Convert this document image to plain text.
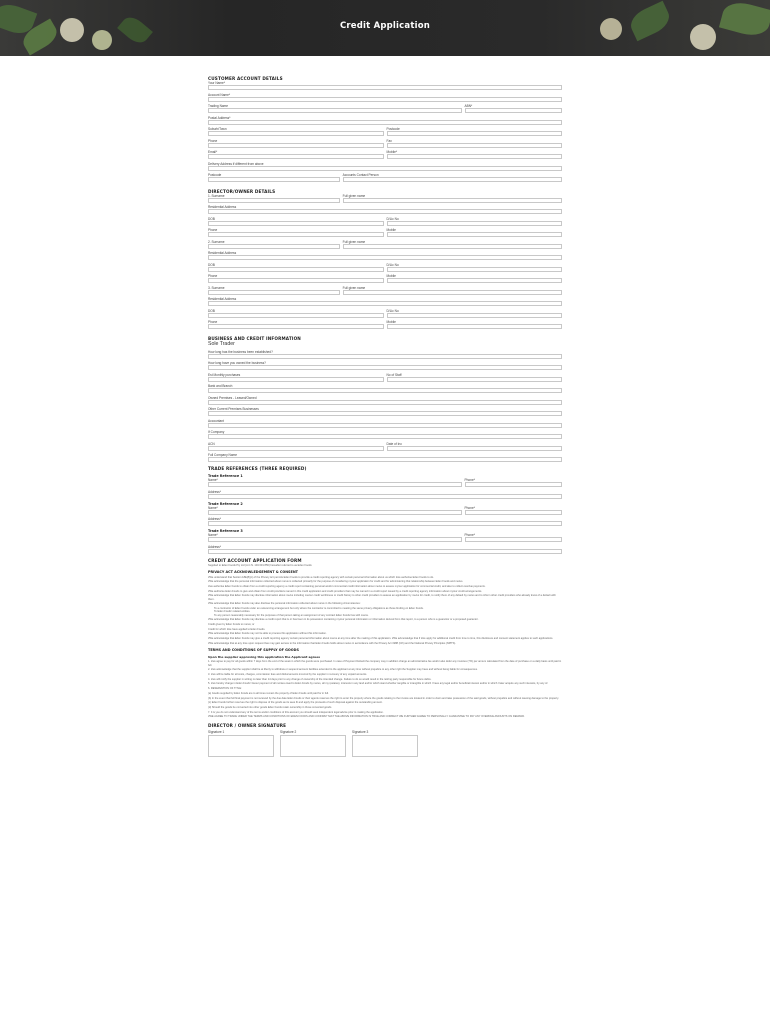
Credit Application
CUSTOMER ACCOUNT DETAILS
Your Name*
Account Name*
Trading Name	ABN*
Postal Address*
Suburb/Town	Postcode
Phone	Fax
Email*	Mobile*
Delivery Address if different from above
Postcode	Accounts Contact Person
DIRECTOR/OWNER DETAILS
1. Surname	Full given name
Residential Address
DOB	D/Lic No
Phone	Mobile
2. Surname	Full given name
Residential Address
DOB	D/Lic No
Phone	Mobile
3. Surname	Full given name
Residential Address
DOB	D/Lic No
Phone	Mobile
BUSINESS AND CREDIT INFORMATION
Sole Trader
How long has the business been established?
How long have you owned the business?
Est Monthly purchases	No of Staff
Bank and Branch
Owned Premises - Leased/Owned
Other Current Premises Businesses
Accountant
If Company
ACN	Date of Inc
Full Company Name
TRADE REFERENCES (THREE REQUIRED)
Trade Reference 1
Name*	Phone*
Address*
Trade Reference 2
Name*	Phone*
Address*
Trade Reference 3
Name*	Phone*
Address*
CREDIT ACCOUNT APPLICATION FORM
Supplied to Eden Foods Pty Ltd (A.C.N. 104 001 856) hereafter referred to as Eden Foods
PRIVACY ACT ACKNOWLEDGEMENT & CONSENT
I/We understand that Section 18E(8)(c) of the Privacy Act permits Eden Foods to provide a credit reporting agency with certain personal information about us which I/we authorise Eden Foods to do.
I/We acknowledge that the personal information collected about me/us is collected primarily for the purpose of considering my/our application for credit and for administering that relationship between Eden Foods and me/us.
I/we authorise Eden Foods to obtain from a credit reporting agency a credit report containing personal and/or commercial credit information about me/us to assess my/our application for commercial credit, and also to collect overdue payments.
I/We authorise Eden Foods to give and obtain from credit providers named in this credit application and credit providers that may be named in a credit report issued by a credit reporting agency information about my/our credit arrangements.
I/We acknowledge that Eden Foods may disclose information about me/us including me/our credit worthiness or credit history to other credit providers to assess an application by me/us for credit, to notify them of any default by me/us and to inform other credit providers who already know of a default with them.
I/We acknowledge that Eden Foods may also disclose the personal information collected about me/us in the following circumstances:
To a contractor of Eden Foods under an outsourcing arrangement but only where the contractor is committed to meeting the same privacy obligations as those binding on Eden Foods.
To Eden Foods' related entities.
To any person reasonably necessary for the purposes of that person taking an assignment of any contract Eden Foods has with me/us.
I/We acknowledge that Eden Foods may disclose a credit report that is or has been in its possession containing my/our personal information or information derived from that report, to a person who is a guarantor or a proposed guarantor.
Credit given by Eden Foods to me/us; or
Credit for which I/we have applied to Eden Foods.
I/We acknowledge that Eden Foods may not be able to process this application without this information.
I/We acknowledge that Eden Foods may give a credit reporting agency certain personal information about me/us at any time after the making of this application. I/We acknowledge that if I/we apply for additional credit from time to time, this disclosure and consent statement applies to such applications.
I/We acknowledge that at any time upon request I/we may gain access to the information that Eden Foods holds about me/us in accordance with the Privacy Act 1988 (Cth) and the National Privacy Principles (NPP'S).
TERMS AND CONDITIONS OF SUPPLY OF GOODS
Upon the supplier approving this application the Applicant agrees
1. I/we agree to pay for all goods within 7 days from the end of the week in which the goods were purchased. In case of Payment Default the company may in addition charge an administrative fee and/or also defer any invoices (7%) per annum calculated from the date of purchase on a daily basis until paid in full.
2. I/we acknowledge that the supplier shall be at liberty to withdraw or suspend account facilities extended to the applicant at any time without prejudice to any other right the Supplier may have and without being liable for consequences.
3. I/we will be liable for all costs, charges, commission fees and disbursements incurred by the supplier in recovery of any unpaid amounts.
4. I/we will notify the supplier in writing no later than 14 days prior to any change of ownership of the intended change. Failure to do so would result in the retiring party responsible for future debts.
5. I/we hereby charge in Eden Foods' favour payment of all monies owed to Eden Foods by me/us, all my (estates), interests in any land and/or which stand whether tangible or intangible in which I have any legal and/or beneficial interest and/or in which I later acquire any such interests, by any of.
6. RESERVATION OF TITLE:
(a) Goods supplied by Eden Foods are to all times remain the property of Eden Foods until paid for in full.
(b) In the event that full final payment is not received by the due date Eden Foods or their agents reserves the right to enter the property where the goods relating to the invoice are located in order to claim and take possession of the said goods, without prejudice and without causing damage to the property.
(c) Eden Foods further reserves the right to dispose of the goods as its sees fit and apply the proceeds of such disposal against the outstanding amount.
(d) Should the goods be converted into other goods Eden Foods retain ownership in those converted goods.
7. It is you do not understand any of the terms and/or conditions of this account you should seek independent legal advice prior to making the application.
I/WE AGREE TO TRADE UNDER THE TERMS AND CONDITIONS OF EDEN FOODS AND CONFIRM THAT THE ABOVE INFORMATION IS TRUE AND CORRECT WE FURTHER AGREE TO PERSONALLY GUARANTEE TO PAY ANY OVERDUE AMOUNTS ON DEMAND.
DIRECTOR / OWNER SIGNATURE
Signature 1	Signature 2	Signature 3
